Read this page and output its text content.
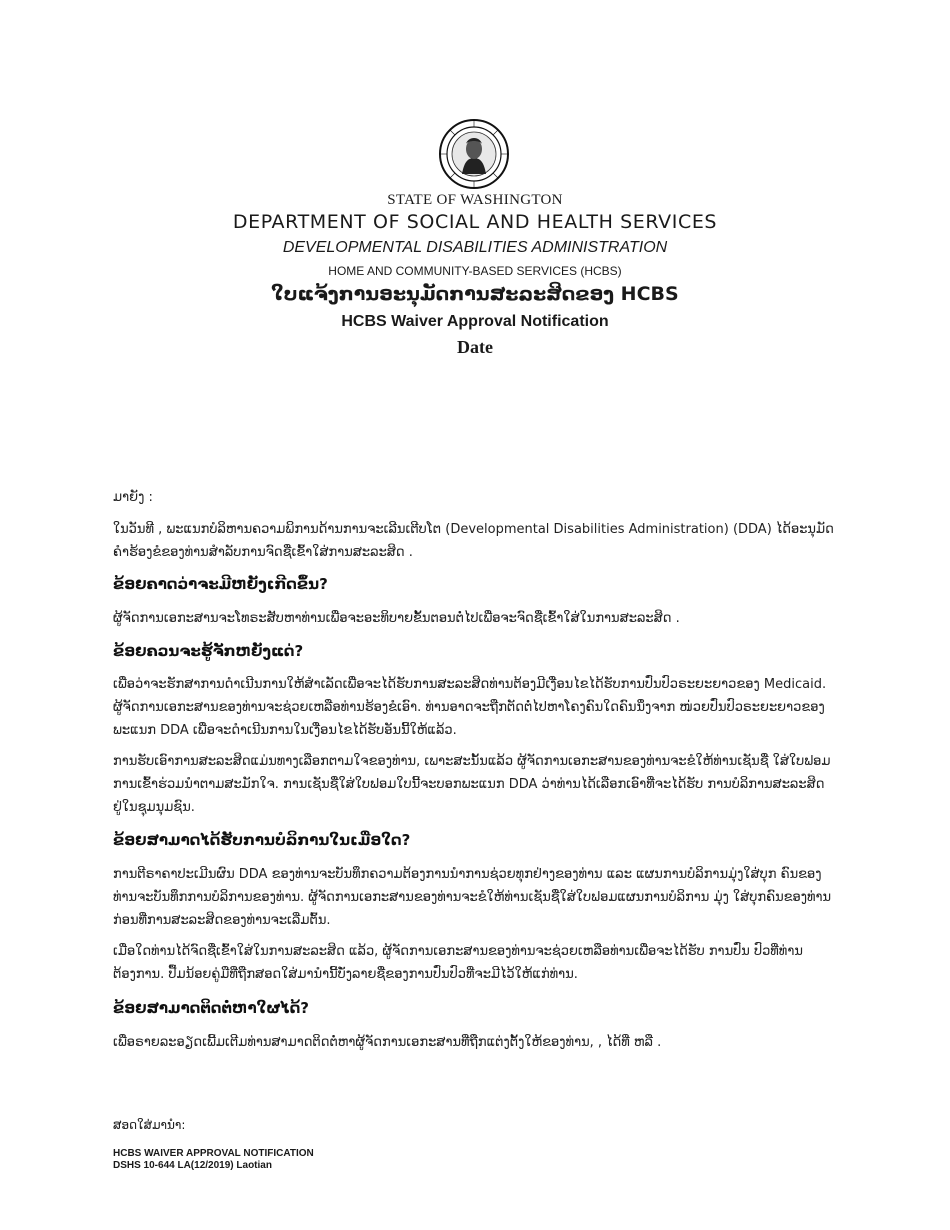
STATE OF WASHINGTON
DEPARTMENT OF SOCIAL AND HEALTH SERVICES
DEVELOPMENTAL DISABILITIES ADMINISTRATION
HOME AND COMMUNITY-BASED SERVICES (HCBS)
ໃບແຈ້ງການອະນຸມັດການສະລະສິດຂອງ HCBS
HCBS Waiver Approval Notification
Date
ມາຍັງ :

ໃນວັນທີ , ພະແນກບໍລິຫານຄວາມພິການດ້ານການຈະເລີນເຕີບໂຕ (Developmental Disabilities Administration) (DDA) ໄດ້ອະນຸມັດຄຳຮ້ອງຂໍຂອງທ່ານສຳລັບການຈົດຊື່ເຂົ້າໃສ່ການສະລະສິດ .

ຂ້ອຍຄາດວ່າຈະມີຫຍັງເກີດຂຶ້ນ?

ຜູ້ຈັດການເອກະສານຈະໂທຣະສັບຫາທ່ານເພື່ອຈະອະທິບາຍຂັ້ນຕອນຕໍ່ໄປເພື່ອຈະຈົດຊື່ເຂົ້າໃສ່ໃນການສະລະສິດ .

ຂ້ອຍຄວນຈະຮູ້ຈັກຫຍັງແດ່?

ເພື່ອວ່າຈະຮັກສາການດຳເນີນການໃຫ້ສຳເລັດເພື່ອຈະໄດ້ຮັບການສະລະສິດທ່ານຕ້ອງມີເງື່ອນໄຂໄດ້ຮັບການປົ່ນປົວຣະຍະຍາວຂອງ Medicaid. ຜູ້ຈັດການເອກະສານຂອງທ່ານຈະຊ່ວຍເຫລືອທ່ານຮ້ອງຂໍເອົາ. ທ່ານອາດຈະຖືກຕັດຕໍ່ໄປຫາໂຄງຄົນໃດຄົນນຶ່ງຈາກ ໜ່ວຍປົ່ນປົວຣະຍະຍາວຂອງພະແນກ DDA ເພື່ອຈະດຳເນີນການໃນເງື່ອນໄຂໄດ້ຮັບອັນນີ້ໃຫ້ແລ້ວ.

ການຮັບເອົາການສະລະສິດແມ່ນທາງເລືອກຕາມໃຈຂອງທ່ານ, ເພາະສະນັ້ນແລ້ວ ຜູ້ຈັດການເອກະສານຂອງທ່ານຈະຂໍໃຫ້ທ່ານເຊັນຊື່ ໃສ່ໃບຟອມການເຂົ້າຮ່ວມນຳຕາມສະມັກໃຈ. ການເຊັນຊື່ໃສ່ໃບຟອມໃບນີ້ຈະບອກພະແນກ DDA ວ່າທ່ານໄດ້ເລືອກເອົາທີ່ຈະໄດ້ຮັບ ການບໍລິການສະລະສິດຢູ່ໃນຊຸມນຸມຊົນ.

ຂ້ອຍສາມາດໄດ້ຮັບການບໍລິການໃນເມື່ອໃດ?

ການຕີຣາຄາປະເມີນຜົນ DDA ຂອງທ່ານຈະບັນທຶກຄວາມຕ້ອງການນຳການຊ່ວຍທຸກຢ່າງຂອງທ່ານ ແລະ ແຜນການບໍລິການມຸ່ງໃສ່ບຸກ ຄົນຂອງທ່ານຈະບັນທຶກການບໍລິການຂອງທ່ານ. ຜູ້ຈັດການເອກະສານຂອງທ່ານຈະຂໍໃຫ້ທ່ານເຊັນຊື່ໃສ່ໃບຟອມແຜນການບໍລິການ ມຸ່ງ ໃສ່ບຸກຄົນຂອງທ່ານກ່ອນທີ່ການສະລະສິດຂອງທ່ານຈະເລີ່ມຕົ້ນ.

ເມື່ອໃດທ່ານໄດ້ຈົດຊື່ເຂົ້າໃສ່ໃນການສະລະສິດ ແລ້ວ, ຜູ້ຈັດການເອກະສານຂອງທ່ານຈະຊ່ວຍເຫລືອທ່ານເພື່ອຈະໄດ້ຮັບ ການປົ່ນ ປົວທີ່ທ່ານຕ້ອງການ. ປື້ມນ້ອຍຄູ່ມືທີ່ຖືກສອດໃສ່ມານຳນີ້ບັ່ງລາຍຊື່ຂອງການປົ່ນປົວທີ່ຈະມີໄວ້ໃຫ້ແກ່ທ່ານ.

ຂ້ອຍສາມາດຕິດຕໍ່ຫາໃຜໄດ້?

ເພື່ອຣາຍລະອຽດເພີ້ມເຕີມທ່ານສາມາດຕິດຕໍ່ຫາຜູ້ຈັດການເອກະສານທີ່ຖືກແຕ່ງຕັ້ງໃຫ້ຂອງທ່ານ, , ໄດ້ທີ່ ຫລື .

ສອດໃສ່ມານຳ:
HCBS WAIVER APPROVAL NOTIFICATION
DSHS 10-644 LA(12/2019) Laotian
